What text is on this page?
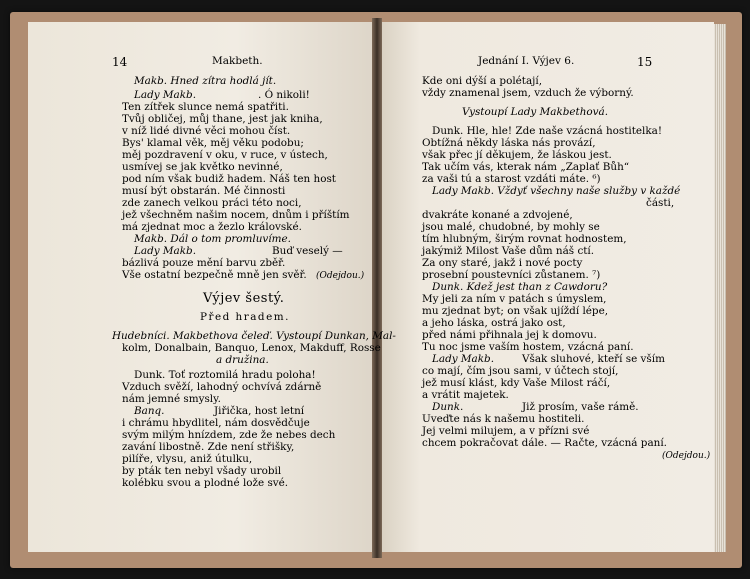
14	Makbeth.	Jednání I. Výjev 6.	15
Makb. Hned zítra hodlá jít.
Lady Makb.	. Ó nikoli!
Ten zítřek slunce nemá spatřiti.
Tvůj obličej, můj thane, jest jak kniha,
v níž lidé divné věci mohou číst.
Bys' klamal věk, měj věku podobu;
měj pozdravení v oku, v ruce, v ústech,
usmívej se jak květko nevinné,
pod ním však budiž hadem. Náš ten host
musí být obstarán. Mé činnosti
zde zanech velkou práci této noci,
jež všechněm našim nocem, dnům i příštím
má zjednat moc a žezlo královské.
Makb. Dál o tom promluvíme.
Lady Makb.	Buď veselý —
bázlivá pouze mění barvu zběř.
Vše ostatní bezpečně mně jen svěř. (Odejdou.)
Výjev šestý.
Před hradem.
Hudebníci. Makbethova čeleď. Vystoupí Dunkan, Mal-
kolm, Donalbain, Banquo, Lenox, Makduff, Rosse
a družina.
Dunk. Toť roztomilá hradu poloha!
Vzduch svěží, lahodný ochvívá zdárně
nám jemné smysly.
Banq.	Jiřička, host letní
i chrámu hbydlitel, nám dosvědčuje
svým milým hnízdem, zde že nebes dech
zavání libostně. Zde není střišky,
pilíře, vlysu, aniž útulku,
by pták ten nebyl všady urobil
kolébku svou a plodné lože své.
Kde oni dýší a polétají,
vždy znamenal jsem, vzduch že výborný.
Vystoupí Lady Makbethová.
Dunk. Hle, hle! Zde naše vzácná hostitelka!
Obtížná někdy láska nás provází,
však přec jí děkujem, že láskou jest.
Tak učím vás, kterak nám „Zaplať Bůh“
za vaši tú a starost vzdáti máte. ⁶)
Lady Makb. Vždyť všechny naše služby v každé
části,
dvakráte konané a zdvojené,
jsou malé, chudobné, by mohly se
tím hlubným, širým rovnat hodnostem,
jakýmiž Milost Vaše dům náš ctí.
Za ony staré, jakž i nové pocty
prosební poustevníci zůstanem. ⁷)
Dunk. Kdež jest than z Cawdoru?
My jeli za ním v patách s úmyslem,
mu zjednat byt; on však ujíždí lépe,
a jeho láska, ostrá jako ost,
před námi přihnala jej k domovu.
Tu noc jsme vaším hostem, vzácná paní.
Lady Makb.	Však sluhové, kteří se vším
co mají, čím jsou sami, v účtech stojí,
jež musí klást, kdy Vaše Milost ráčí,
a vrátit majetek.
Dunk.	Již prosím, vaše rámě.
Uveďte nás k našemu hostiteli.
Jej velmi milujem, a v přízni své
chcem pokračovat dále. — Račte, vzácná paní.
(Odejdou.)
